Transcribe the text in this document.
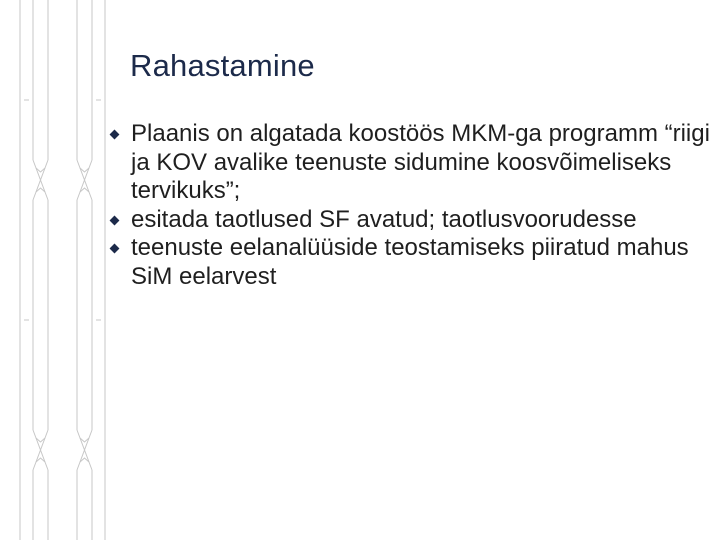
Rahastamine
Plaanis on algatada koostöös MKM-ga programm “riigi ja KOV avalike teenuste sidumine koosvõimeliseks tervikuks”;
esitada taotlused SF avatud; taotlusvoorudesse
teenuste eelanalüüside teostamiseks piiratud mahus SiM eelarvest
